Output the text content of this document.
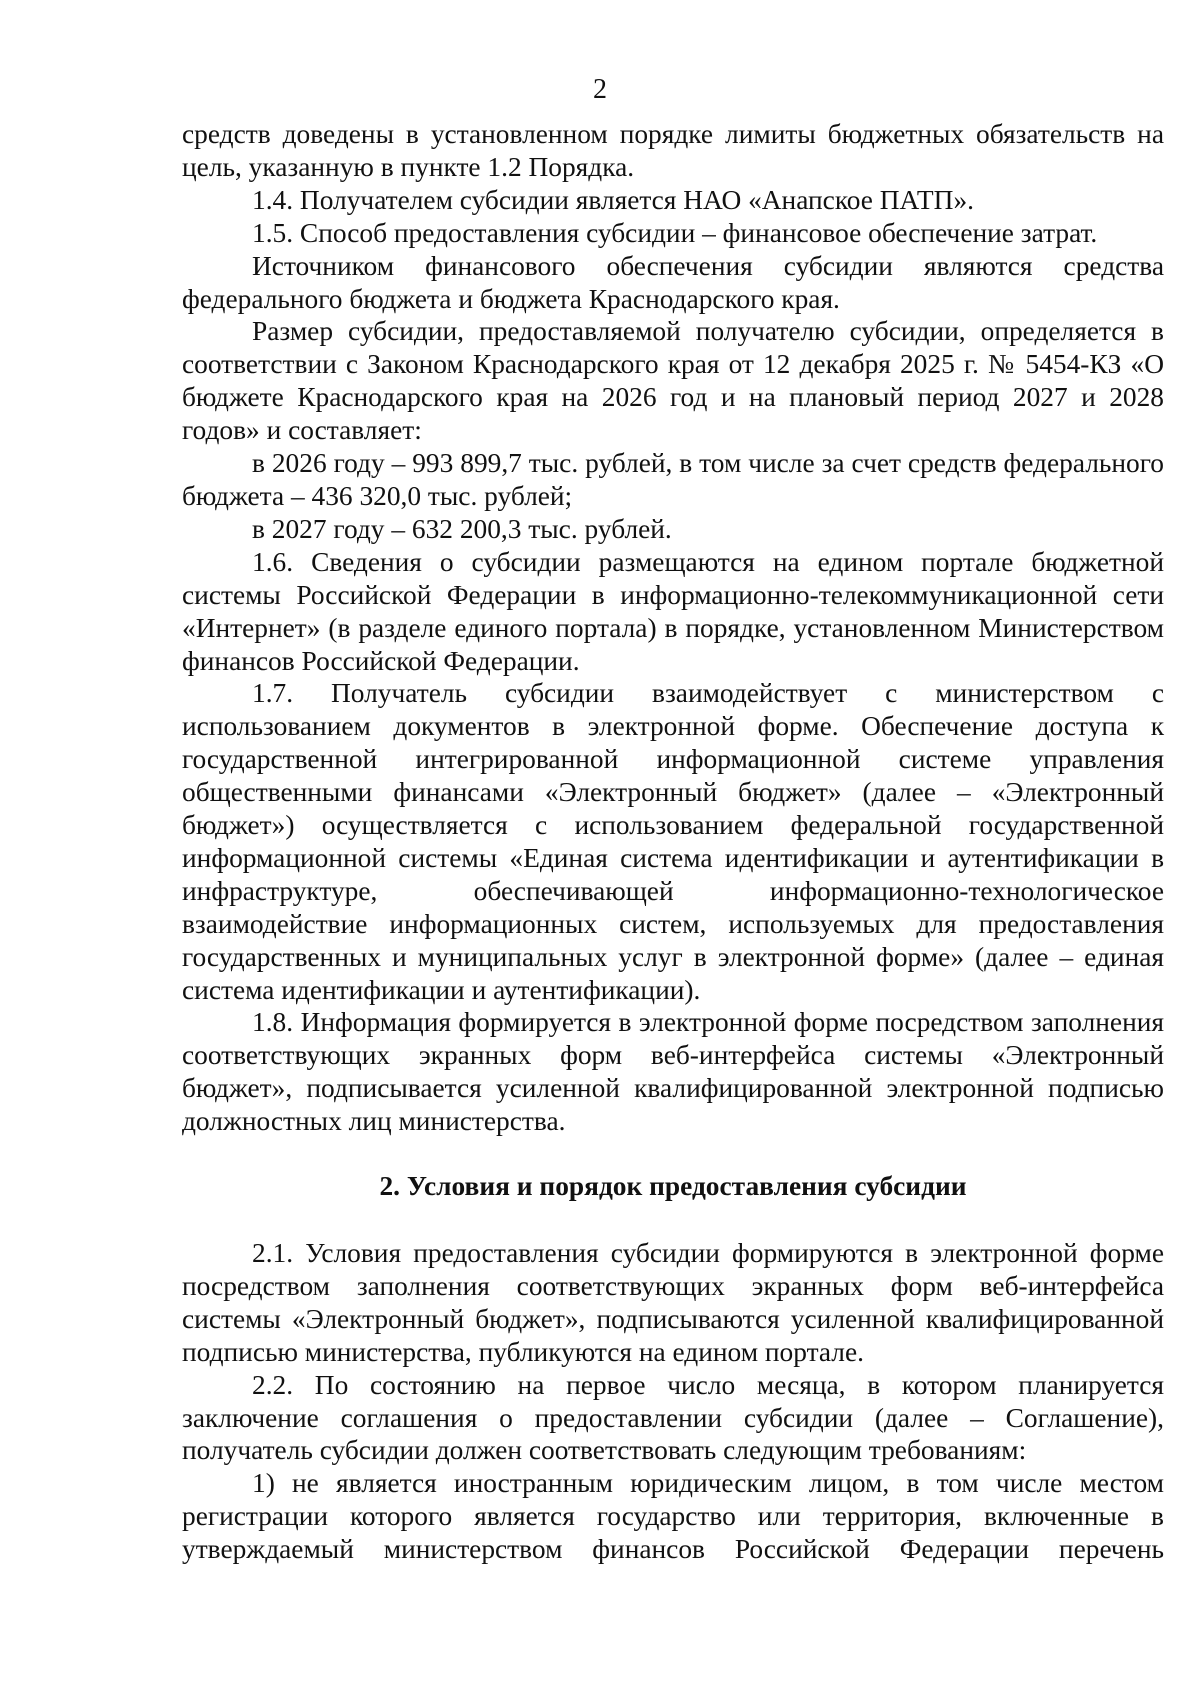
2

средств доведены в установленном порядке лимиты бюджетных обязательств на цель, указанную в пункте 1.2 Порядка.

1.4. Получателем субсидии является НАО «Анапское ПАТП».

1.5. Способ предоставления субсидии – финансовое обеспечение затрат.

Источником финансового обеспечения субсидии являются средства федерального бюджета и бюджета Краснодарского края.

Размер субсидии, предоставляемой получателю субсидии, определяется в соответствии с Законом Краснодарского края от 12 декабря 2025 г. № 5454-КЗ «О бюджете Краснодарского края на 2026 год и на плановый период 2027 и 2028 годов» и составляет:

в 2026 году – 993 899,7 тыс. рублей, в том числе за счет средств федерального бюджета – 436 320,0 тыс. рублей;

в 2027 году – 632 200,3 тыс. рублей.

1.6. Сведения о субсидии размещаются на едином портале бюджетной системы Российской Федерации в информационно-телекоммуникационной сети «Интернет» (в разделе единого портала) в порядке, установленном Министерством финансов Российской Федерации.

1.7. Получатель субсидии взаимодействует с министерством с использованием документов в электронной форме. Обеспечение доступа к государственной интегрированной информационной системе управления общественными финансами «Электронный бюджет» (далее – «Электронный бюджет») осуществляется с использованием федеральной государственной информационной системы «Единая система идентификации и аутентификации в инфраструктуре, обеспечивающей информационно-технологическое взаимодействие информационных систем, используемых для предоставления государственных и муниципальных услуг в электронной форме» (далее – единая система идентификации и аутентификации).

1.8. Информация формируется в электронной форме посредством заполнения соответствующих экранных форм веб-интерфейса системы «Электронный бюджет», подписывается усиленной квалифицированной электронной подписью должностных лиц министерства.

2. Условия и порядок предоставления субсидии

2.1. Условия предоставления субсидии формируются в электронной форме посредством заполнения соответствующих экранных форм веб-интерфейса системы «Электронный бюджет», подписываются усиленной квалифицированной подписью министерства, публикуются на едином портале.

2.2. По состоянию на первое число месяца, в котором планируется заключение соглашения о предоставлении субсидии (далее – Соглашение), получатель субсидии должен соответствовать следующим требованиям:

1) не является иностранным юридическим лицом, в том числе местом регистрации которого является государство или территория, включенные в утверждаемый министерством финансов Российской Федерации перечень
